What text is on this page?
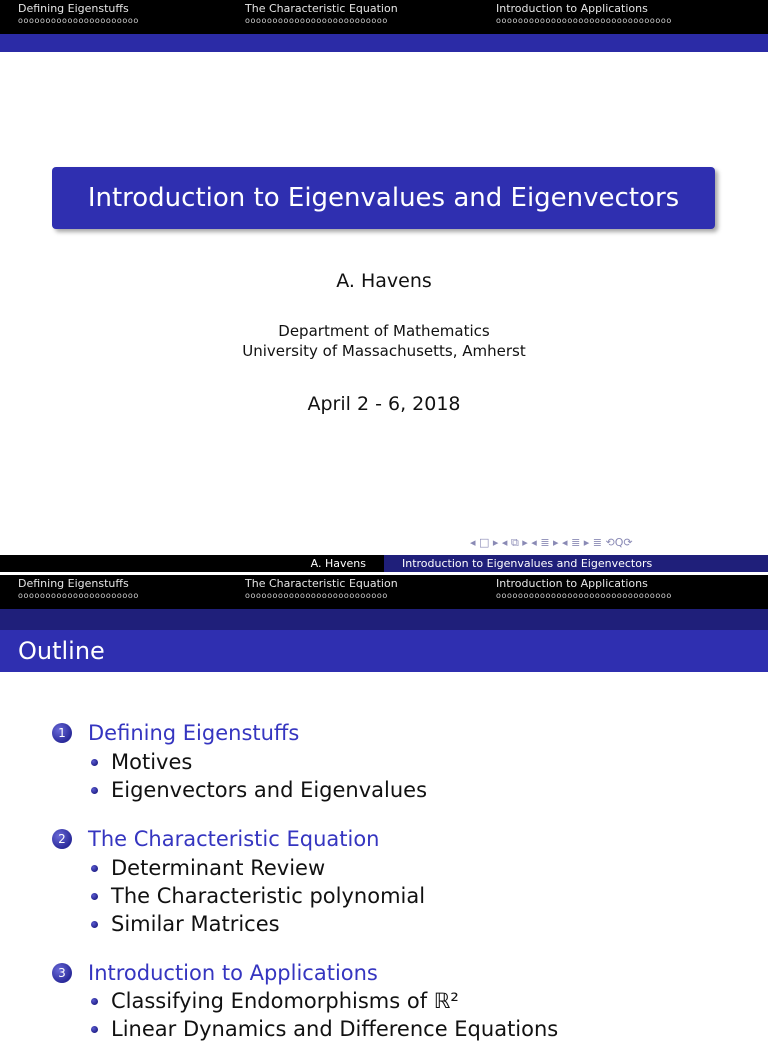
Defining Eigenstuffs
oooooooooooooooooooooo
The Characteristic Equation
oooooooooooooooooooooooooo
Introduction to Applications
oooooooooooooooooooooooooooooooo
Introduction to Eigenvalues and Eigenvectors
A. Havens
Department of Mathematics
University of Massachusetts, Amherst
April 2 - 6, 2018
◂ □ ▸ ◂ ⧉ ▸ ◂ ≣ ▸ ◂ ≣ ▸ ≣ ⟲Q⟳
A. Havens	Introduction to Eigenvalues and Eigenvectors
Defining Eigenstuffs
oooooooooooooooooooooo
The Characteristic Equation
oooooooooooooooooooooooooo
Introduction to Applications
oooooooooooooooooooooooooooooooo
Outline
1 Defining Eigenstuffs
Motives
Eigenvectors and Eigenvalues
2 The Characteristic Equation
Determinant Review
The Characteristic polynomial
Similar Matrices
3 Introduction to Applications
Classifying Endomorphisms of ℝ²
Linear Dynamics and Difference Equations
